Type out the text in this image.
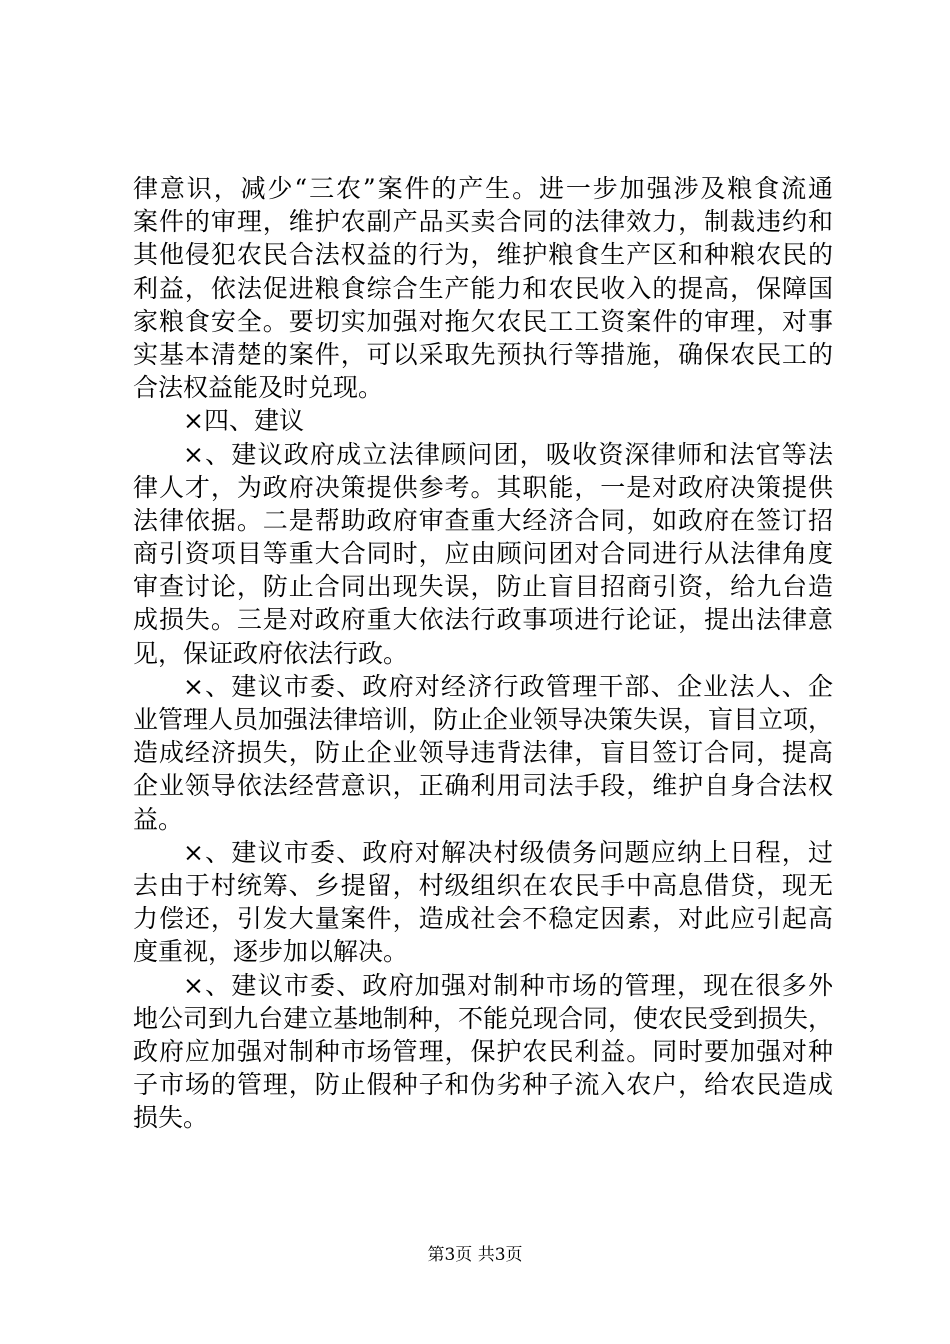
律意识，减少“三农”案件的产生。进一步加强涉及粮食流通
案件的审理，维护农副产品买卖合同的法律效力，制裁违约和
其他侵犯农民合法权益的行为，维护粮食生产区和种粮农民的
利益，依法促进粮食综合生产能力和农民收入的提高，保障国
家粮食安全。要切实加强对拖欠农民工工资案件的审理，对事
实基本清楚的案件，可以采取先预执行等措施，确保农民工的
合法权益能及时兑现。
×四、建议
×、建议政府成立法律顾问团，吸收资深律师和法官等法
律人才，为政府决策提供参考。其职能，一是对政府决策提供
法律依据。二是帮助政府审查重大经济合同，如政府在签订招
商引资项目等重大合同时，应由顾问团对合同进行从法律角度
审查讨论，防止合同出现失误，防止盲目招商引资，给九台造
成损失。三是对政府重大依法行政事项进行论证，提出法律意
见，保证政府依法行政。
×、建议市委、政府对经济行政管理干部、企业法人、企
业管理人员加强法律培训，防止企业领导决策失误，盲目立项，
造成经济损失，防止企业领导违背法律，盲目签订合同，提高
企业领导依法经营意识，正确利用司法手段，维护自身合法权
益。
×、建议市委、政府对解决村级债务问题应纳上日程，过
去由于村统筹、乡提留，村级组织在农民手中高息借贷，现无
力偿还，引发大量案件，造成社会不稳定因素，对此应引起高
度重视，逐步加以解决。
×、建议市委、政府加强对制种市场的管理，现在很多外
地公司到九台建立基地制种，不能兑现合同，使农民受到损失，
政府应加强对制种市场管理，保护农民利益。同时要加强对种
子市场的管理，防止假种子和伪劣种子流入农户，给农民造成
损失。
第3页 共3页
